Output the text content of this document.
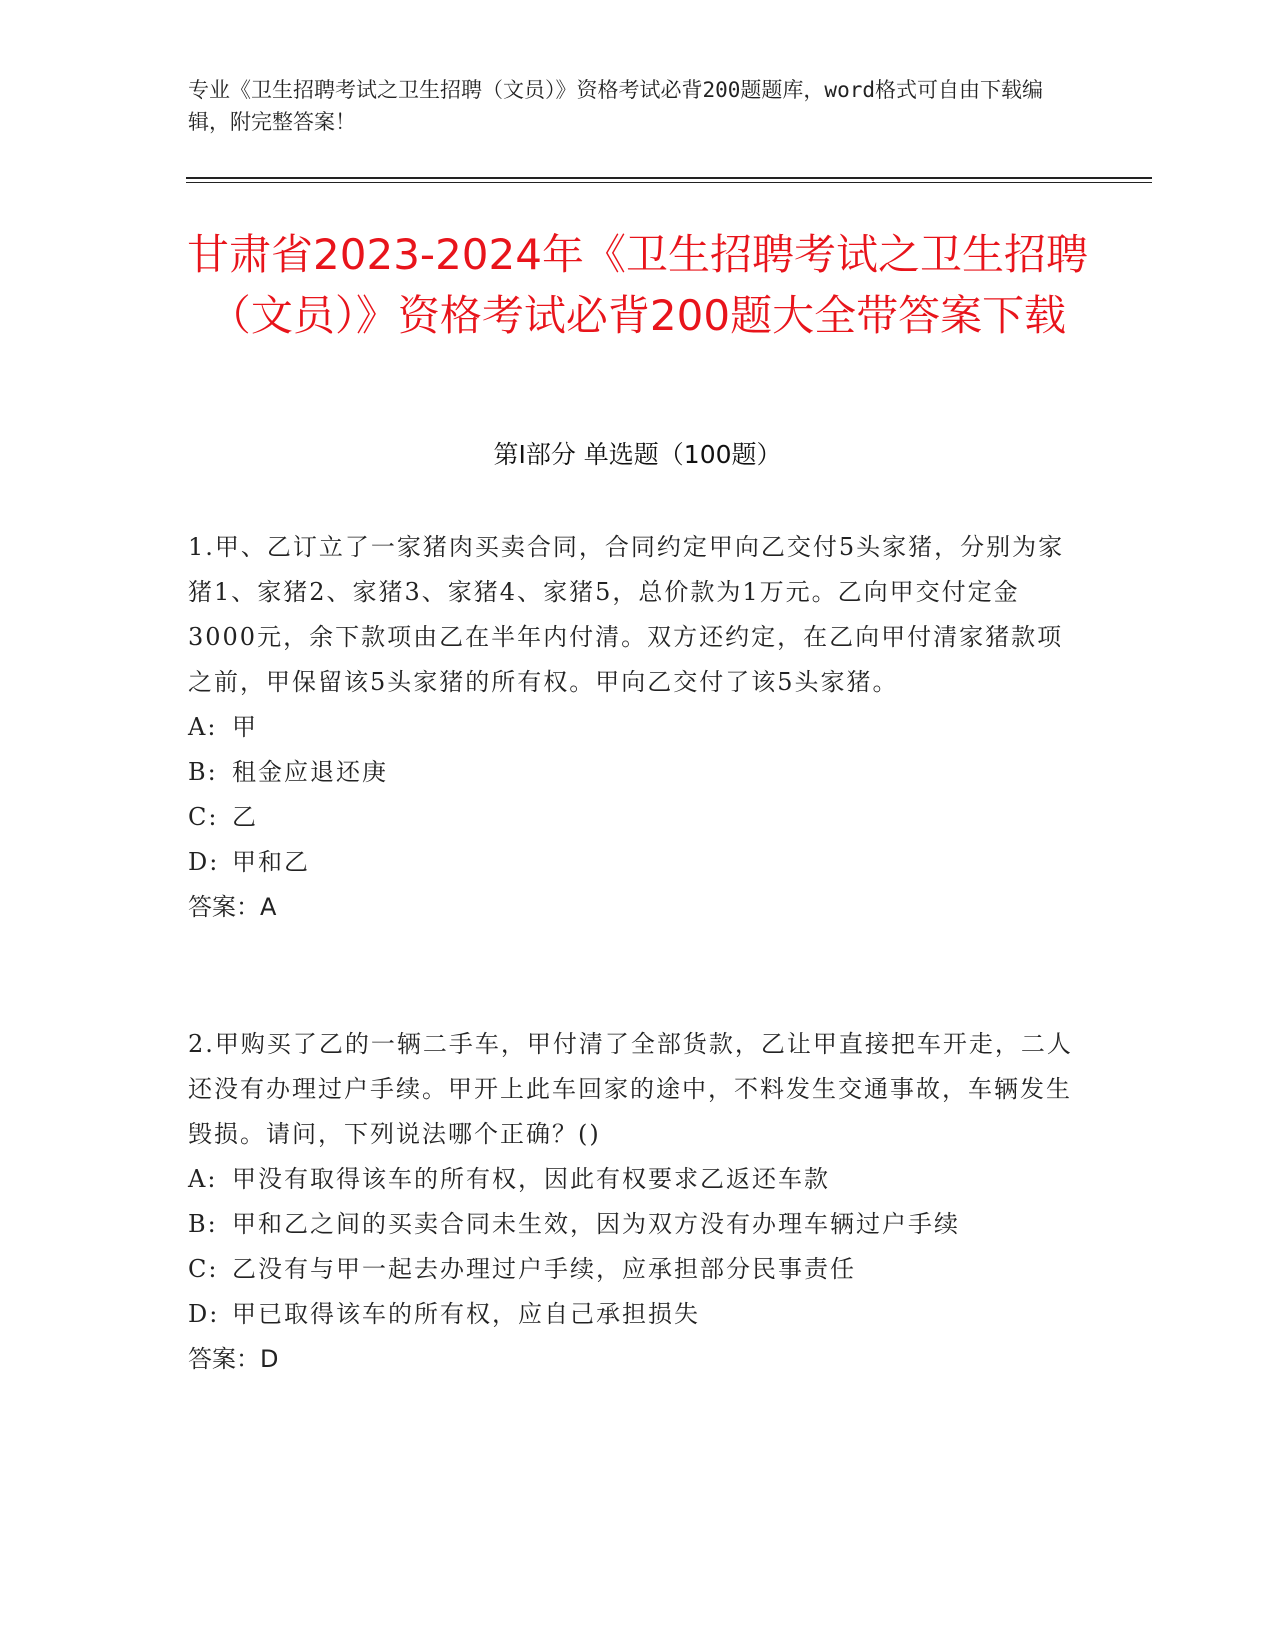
专业《卫生招聘考试之卫生招聘（文员）》资格考试必背200题题库，word格式可自由下载编辑，附完整答案！
甘肃省2023-2024年《卫生招聘考试之卫生招聘（文员）》资格考试必背200题大全带答案下载
第Ⅰ部分 单选题（100题）

1.甲、乙订立了一家猪肉买卖合同，合同约定甲向乙交付5头家猪，分别为家猪1、家猪2、家猪3、家猪4、家猪5，总价款为1万元。乙向甲交付定金3000元，余下款项由乙在半年内付清。双方还约定，在乙向甲付清家猪款项之前，甲保留该5头家猪的所有权。甲向乙交付了该5头家猪。

A: 甲
B: 租金应退还庚
C: 乙
D: 甲和乙
答案：A

2.甲购买了乙的一辆二手车，甲付清了全部货款，乙让甲直接把车开走，二人还没有办理过户手续。甲开上此车回家的途中，不料发生交通事故，车辆发生毁损。请问，下列说法哪个正确？()

A: 甲没有取得该车的所有权，因此有权要求乙返还车款
B: 甲和乙之间的买卖合同未生效，因为双方没有办理车辆过户手续
C: 乙没有与甲一起去办理过户手续，应承担部分民事责任
D: 甲已取得该车的所有权，应自己承担损失
答案：D
